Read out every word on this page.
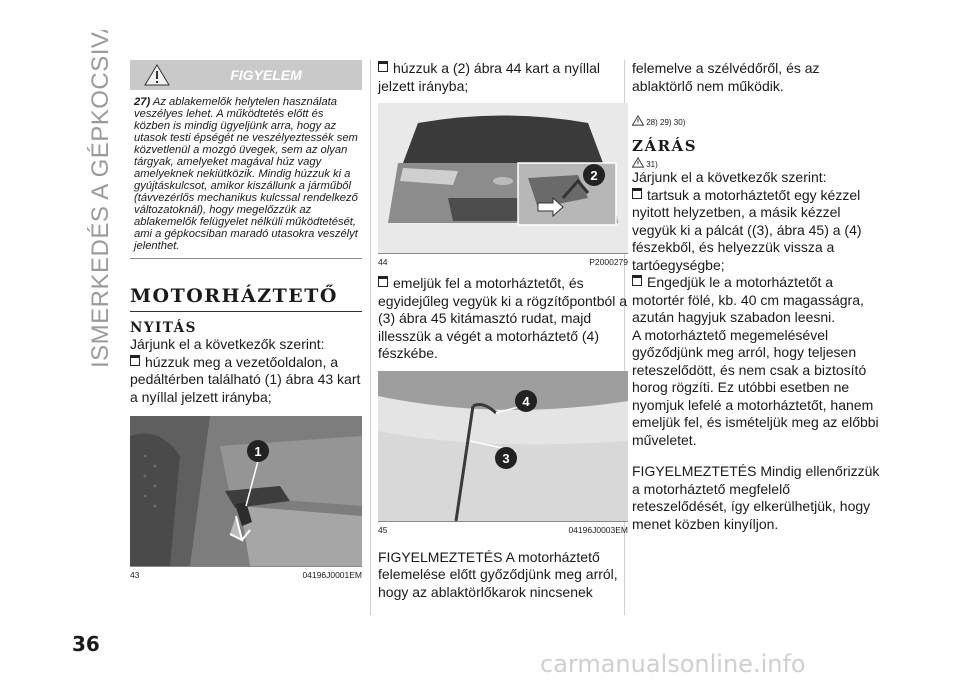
ISMERKEDÉS A GÉPKOCSIVAL	FIGYELEM
27) Az ablakemelők helytelen használata veszélyes lehet. A működtetés előtt és közben is mindig ügyeljünk arra, hogy az utasok testi épségét ne veszélyeztessék sem közvetlenül a mozgó üvegek, sem az olyan tárgyak, amelyeket magával húz vagy amelyeknek nekiütközik. Mindig húzzuk ki a gyújtáskulcsot, amikor kiszállunk a járműből (távvezérlős mechanikus kulcssal rendelkező változatoknál), hogy megelőzzük az ablakemelők felügyelet nélküli működtetését, ami a gépkocsiban maradó utasokra veszélyt jelenthet.
MOTORHÁZTETŐ
NYITÁS

Járjunk el a következők szerint:

húzzuk meg a vezetőoldalon, a pedáltérben található (1) ábra 43 kart a nyíllal jelzett irányba;

1
43	04196J0001EM

húzzuk a (2) ábra 44 kart a nyíllal jelzett irányba;

2
44	P2000279

emeljük fel a motorháztetőt, és egyidejűleg vegyük ki a rögzítőpontból a (3) ábra 45 kitámasztó rudat, majd illesszük a végét a motorháztető (4) fészkébe.

4
3
45	04196J0003EM

FIGYELMEZTETÉS A motorháztető felemelése előtt győződjünk meg arról, hogy az ablaktörlőkarok nincsenek

felemelve a szélvédőről, és az ablaktörlő nem működik.

28) 29) 30)
ZÁRÁS
31)

Járjunk el a következők szerint:

tartsuk a motorháztetőt egy kézzel nyitott helyzetben, a másik kézzel vegyük ki a pálcát ((3), ábra 45) a (4) fészekből, és helyezzük vissza a tartóegységbe;

Engedjük le a motorháztetőt a motortér fölé, kb. 40 cm magasságra, azután hagyjuk szabadon leesni.

A motorháztető megemelésével győződjünk meg arról, hogy teljesen reteszelődött, és nem csak a biztosító horog rögzíti. Ez utóbbi esetben ne nyomjuk lefelé a motorháztetőt, hanem emeljük fel, és ismételjük meg az előbbi műveletet.

FIGYELMEZTETÉS Mindig ellenőrizzük a motorháztető megfelelő reteszelődését, így elkerülhetjük, hogy menet közben kinyíljon.

36
carmanualsonline.info
